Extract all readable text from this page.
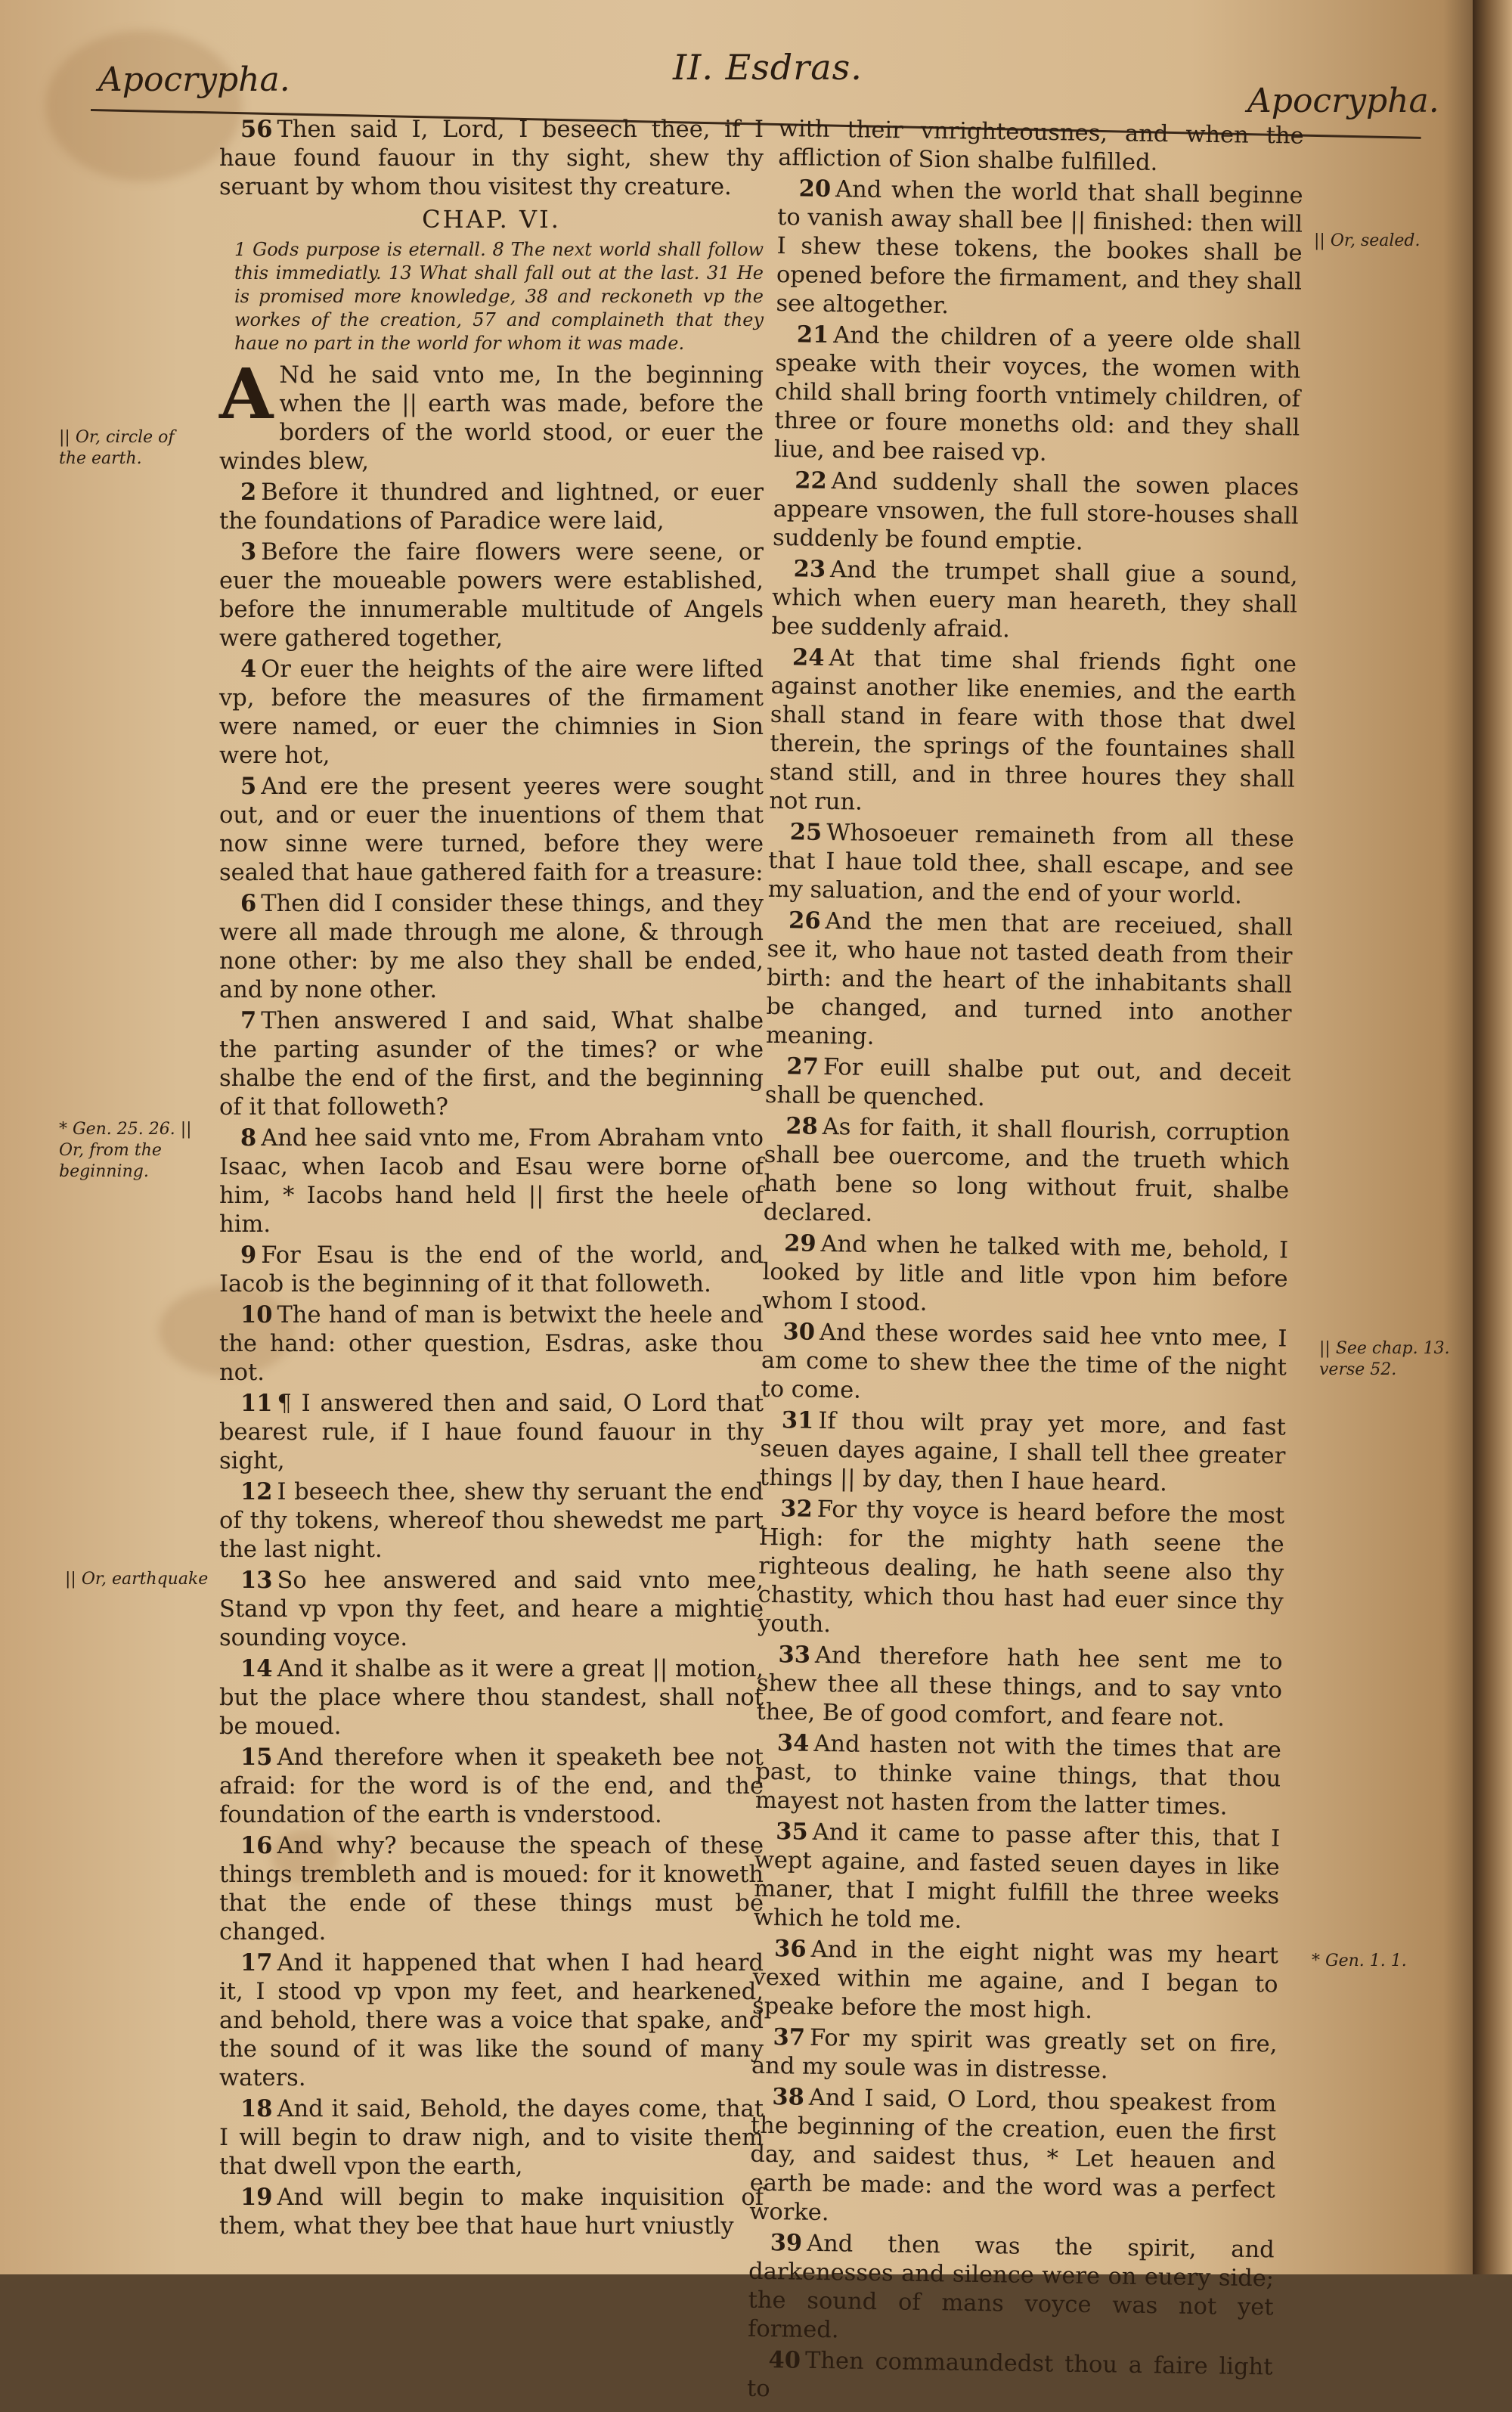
Apocrypha.	II. Esdras.
Apocrypha.

56 Then said I, Lord, I beseech thee, if I haue found fauour in thy sight, shew thy seruant by whom thou visitest thy creature.

CHAP. VI.

1 Gods purpose is eternall. 8 The next world shall follow this immediatly. 13 What shall fall out at the last. 31 He is promised more knowledge, 38 and reckoneth vp the workes of the creation, 57 and complaineth that they haue no part in the world for whom it was made.

A Nd he said vnto me, In the beginning when the || earth was made, before the borders of the world stood, or euer the windes blew,

2 Before it thundred and lightned, or euer the foundations of Paradice were laid,

3 Before the faire flowers were seene, or euer the moueable powers were established, before the innumerable multitude of Angels were gathered together,

4 Or euer the heights of the aire were lifted vp, before the measures of the firmament were named, or euer the chimnies in Sion were hot,

5 And ere the present yeeres were sought out, and or euer the inuentions of them that now sinne were turned, before they were sealed that haue gathered faith for a treasure:

6 Then did I consider these things, and they were all made through me alone, & through none other: by me also they shall be ended, and by none other.

7 Then answered I and said, What shalbe the parting asunder of the times? or whe shalbe the end of the first, and the beginning of it that followeth?

8 And hee said vnto me, From Abraham vnto Isaac, when Iacob and Esau were borne of him, * Iacobs hand held || first the heele of him.

9 For Esau is the end of the world, and Iacob is the beginning of it that followeth.

10 The hand of man is betwixt the heele and the hand: other question, Esdras, aske thou not.

11 ¶ I answered then and said, O Lord that bearest rule, if I haue found fauour in thy sight,

12 I beseech thee, shew thy seruant the end of thy tokens, whereof thou shewedst me part the last night.

13 So hee answered and said vnto mee, Stand vp vpon thy feet, and heare a mightie sounding voyce.

14 And it shalbe as it were a great || motion, but the place where thou standest, shall not be moued.

15 And therefore when it speaketh bee not afraid: for the word is of the end, and the foundation of the earth is vnderstood.

16 And why? because the speach of these things trembleth and is moued: for it knoweth that the ende of these things must be changed.

17 And it happened that when I had heard it, I stood vp vpon my feet, and hearkened, and behold, there was a voice that spake, and the sound of it was like the sound of many waters.

18 And it said, Behold, the dayes come, that I will begin to draw nigh, and to visite them that dwell vpon the earth,

19 And will begin to make inquisition of them, what they bee that haue hurt vniustly

with their vnrighteousnes, and when the affliction of Sion shalbe fulfilled.

20 And when the world that shall beginne to vanish away shall bee || finished: then will I shew these tokens, the bookes shall be opened before the firmament, and they shall see altogether.

21 And the children of a yeere olde shall speake with their voyces, the women with child shall bring foorth vntimely children, of three or foure moneths old: and they shall liue, and bee raised vp.

22 And suddenly shall the sowen places appeare vnsowen, the full store-houses shall suddenly be found emptie.

23 And the trumpet shall giue a sound, which when euery man heareth, they shall bee suddenly afraid.

24 At that time shal friends fight one against another like enemies, and the earth shall stand in feare with those that dwel therein, the springs of the fountaines shall stand still, and in three houres they shall not run.

25 Whosoeuer remaineth from all these that I haue told thee, shall escape, and see my saluation, and the end of your world.

26 And the men that are receiued, shall see it, who haue not tasted death from their birth: and the heart of the inhabitants shall be changed, and turned into another meaning.

27 For euill shalbe put out, and deceit shall be quenched.

28 As for faith, it shall flourish, corruption shall bee ouercome, and the trueth which hath bene so long without fruit, shalbe declared.

29 And when he talked with me, behold, I looked by litle and litle vpon him before whom I stood.

30 And these wordes said hee vnto mee, I am come to shew thee the time of the night to come.

31 If thou wilt pray yet more, and fast seuen dayes againe, I shall tell thee greater things || by day, then I haue heard.

32 For thy voyce is heard before the most High: for the mighty hath seene the righteous dealing, he hath seene also thy chastity, which thou hast had euer since thy youth.

33 And therefore hath hee sent me to shew thee all these things, and to say vnto thee, Be of good comfort, and feare not.

34 And hasten not with the times that are past, to thinke vaine things, that thou mayest not hasten from the latter times.

35 And it came to passe after this, that I wept againe, and fasted seuen dayes in like maner, that I might fulfill the three weeks which he told me.

36 And in the eight night was my heart vexed within me againe, and I began to speake before the most high.

37 For my spirit was greatly set on fire, and my soule was in distresse.

38 And I said, O Lord, thou speakest from the beginning of the creation, euen the first day, and saidest thus, * Let heauen and earth be made: and the word was a perfect worke.

39 And then was the spirit, and darkenesses and silence were on euery side; the sound of mans voyce was not yet formed.

40 Then commaundedst thou a faire light to

|| Or, circle of the earth.
* Gen. 25. 26. || Or, from the beginning.
|| Or, earthquake
|| Or, sealed.
|| See chap. 13. verse 52.
* Gen. 1. 1.
